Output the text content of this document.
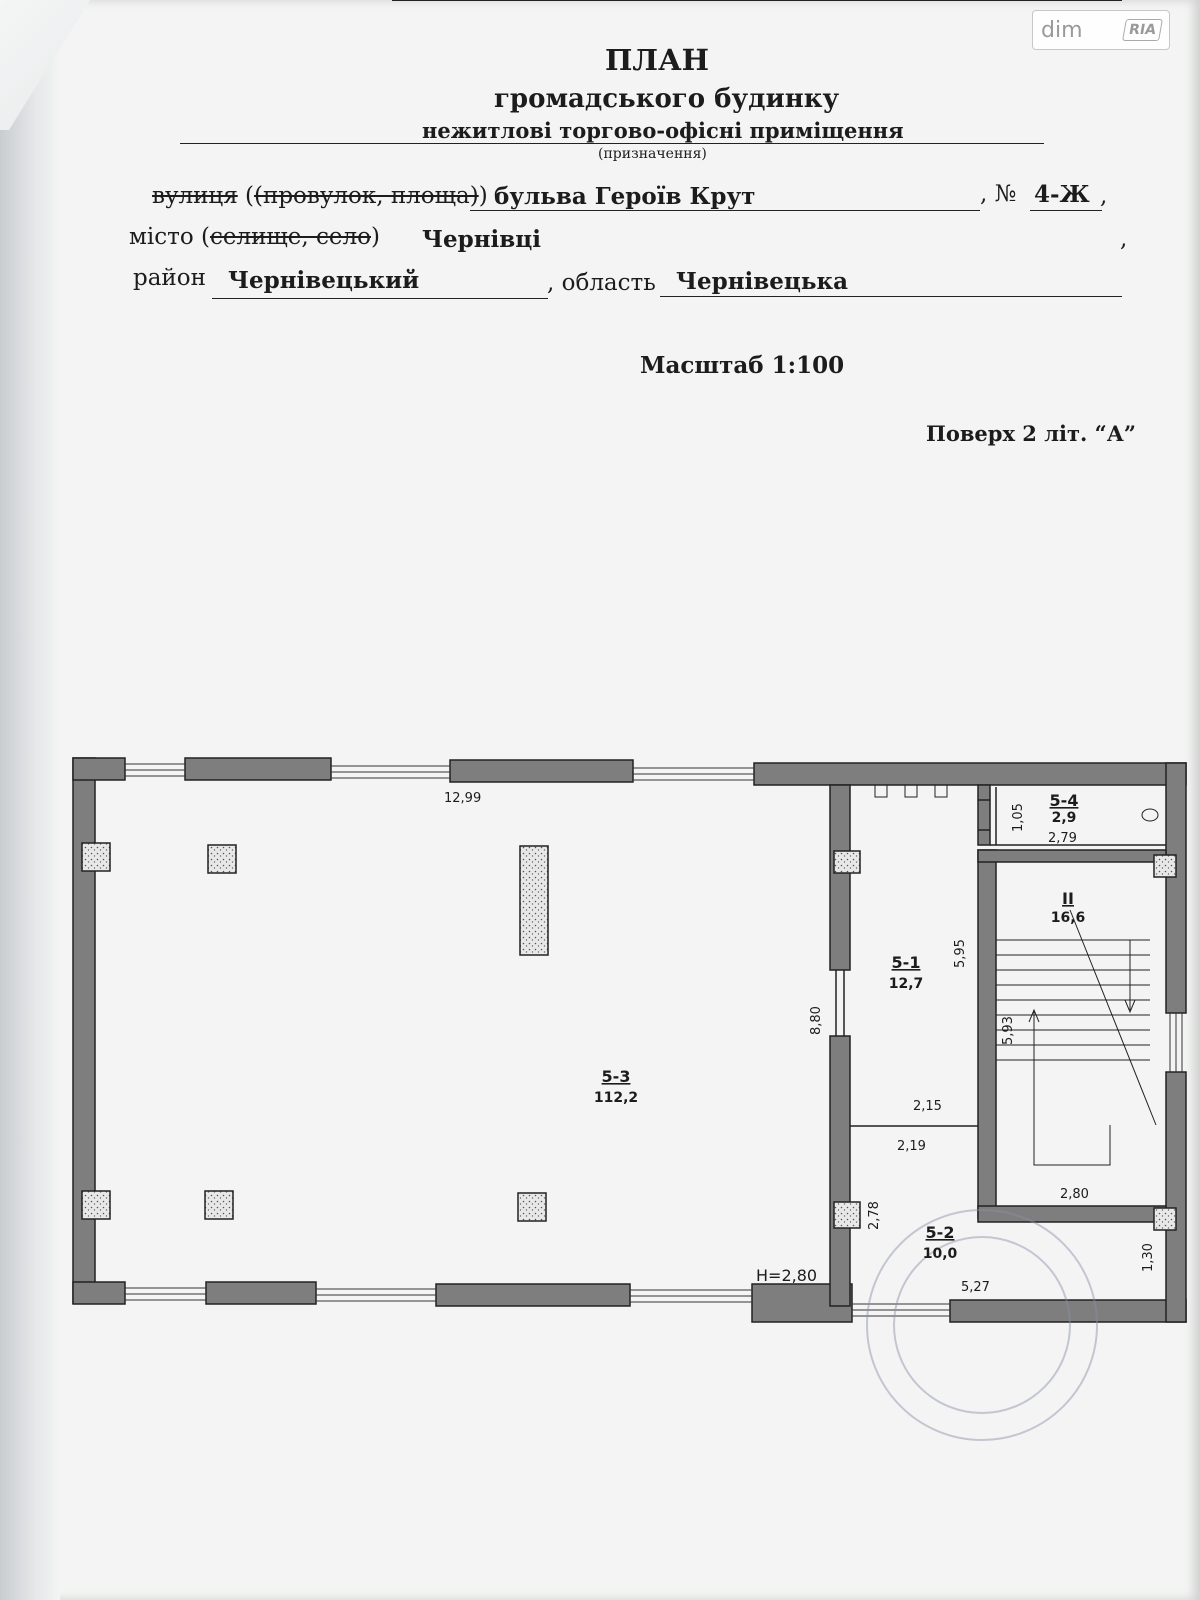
dim	RIA
ПЛАН
громадського будинку
нежитлові торгово-офісні приміщення
(призначення)
вулиця ((провулок, площа)) бульва Героїв Крут	, № 4-Ж ,
місто (селище, село) Чернівці	,
район Чернівецький	, область Чернівецька
Масштаб 1:100
Поверх 2 літ. “А”
5-3
112,2
5-1
12,7
5-2
10,0
5-4
2,9
II
16,6
12,99
8,80
5,95
2,15
2,19
2,78
5,27
1,30
1,05
2,79
5,93
2,80
H=2,80
